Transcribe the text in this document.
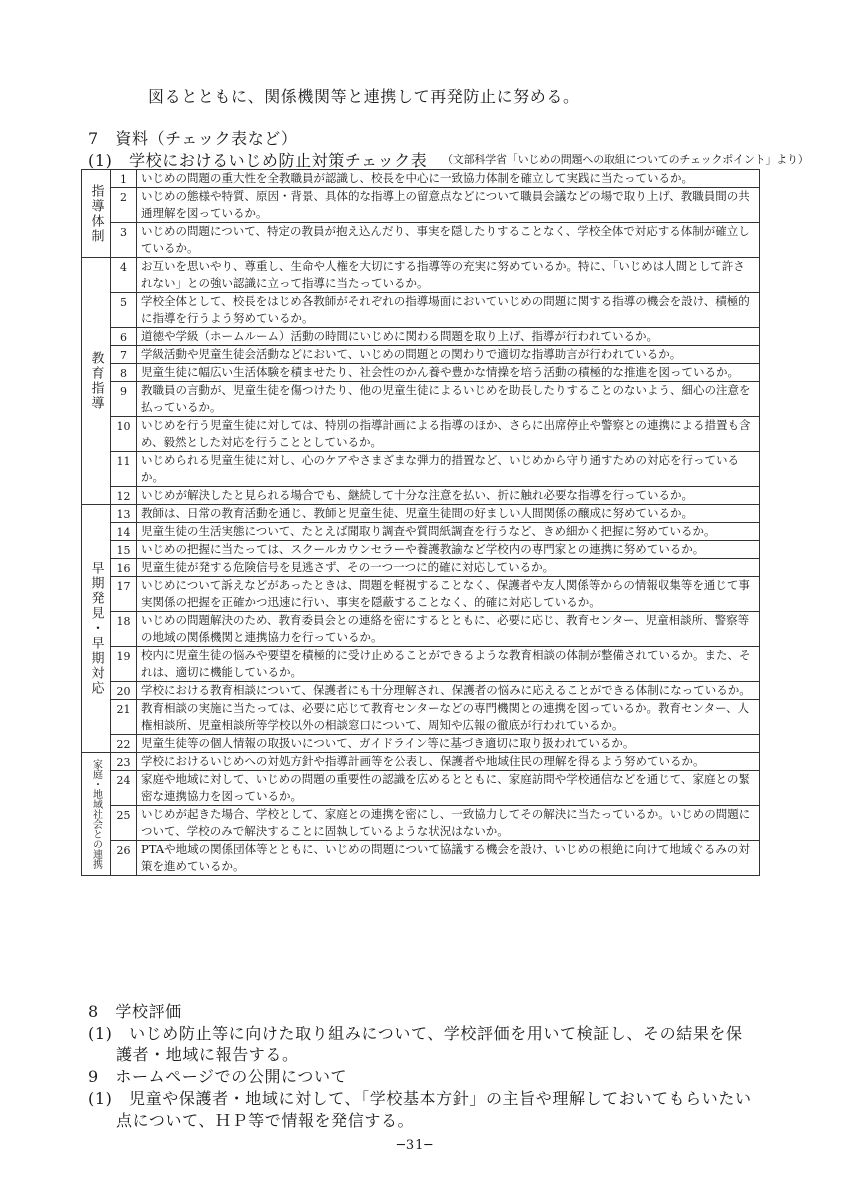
図るとともに、関係機関等と連携して再発防止に努める。
7　資料（チェック表など）
(1)　学校におけるいじめ防止対策チェック表 （文部科学省「いじめの問題への取組についてのチェックポイント」より）
指導体制	1	いじめの問題の重大性を全教職員が認識し、校長を中心に一致協力体制を確立して実践に当たっているか。
	2	いじめの態様や特質、原因・背景、具体的な指導上の留意点などについて職員会議などの場で取り上げ、教職員間の共通理解を図っているか。
	3	いじめの問題について、特定の教員が抱え込んだり、事実を隠したりすることなく、学校全体で対応する体制が確立しているか。
教育指導	4	お互いを思いやり、尊重し、生命や人権を大切にする指導等の充実に努めているか。特に、「いじめは人間として許されない」との強い認識に立って指導に当たっているか。
	5	学校全体として、校長をはじめ各教師がそれぞれの指導場面においていじめの問題に関する指導の機会を設け、積極的に指導を行うよう努めているか。
	6	道徳や学級（ホームルーム）活動の時間にいじめに関わる問題を取り上げ、指導が行われているか。
	7	学級活動や児童生徒会活動などにおいて、いじめの問題との関わりで適切な指導助言が行われているか。
	8	児童生徒に幅広い生活体験を積ませたり、社会性のかん養や豊かな情操を培う活動の積極的な推進を図っているか。
	9	教職員の言動が、児童生徒を傷つけたり、他の児童生徒によるいじめを助長したりすることのないよう、細心の注意を払っているか。
	10	いじめを行う児童生徒に対しては、特別の指導計画による指導のほか、さらに出席停止や警察との連携による措置も含め、毅然とした対応を行うこととしているか。
	11	いじめられる児童生徒に対し、心のケアやさまざまな弾力的措置など、いじめから守り通すための対応を行っているか。
	12	いじめが解決したと見られる場合でも、継続して十分な注意を払い、折に触れ必要な指導を行っているか。
早期発見・早期対応	13	教師は、日常の教育活動を通じ、教師と児童生徒、児童生徒間の好ましい人間関係の醸成に努めているか。
	14	児童生徒の生活実態について、たとえば聞取り調査や質問紙調査を行うなど、きめ細かく把握に努めているか。
	15	いじめの把握に当たっては、スクールカウンセラーや養護教諭など学校内の専門家との連携に努めているか。
	16	児童生徒が発する危険信号を見逃さず、その一つ一つに的確に対応しているか。
	17	いじめについて訴えなどがあったときは、問題を軽視することなく、保護者や友人関係等からの情報収集等を通じて事実関係の把握を正確かつ迅速に行い、事実を隠蔽することなく、的確に対応しているか。
	18	いじめの問題解決のため、教育委員会との連絡を密にするとともに、必要に応じ、教育センター、児童相談所、警察等の地域の関係機関と連携協力を行っているか。
	19	校内に児童生徒の悩みや要望を積極的に受け止めることができるような教育相談の体制が整備されているか。また、それは、適切に機能しているか。
	20	学校における教育相談について、保護者にも十分理解され、保護者の悩みに応えることができる体制になっているか。
	21	教育相談の実施に当たっては、必要に応じて教育センターなどの専門機関との連携を図っているか。教育センター、人権相談所、児童相談所等学校以外の相談窓口について、周知や広報の徹底が行われているか。
	22	児童生徒等の個人情報の取扱いについて、ガイドライン等に基づき適切に取り扱われているか。
家庭・地域社会との連携	23	学校におけるいじめへの対処方針や指導計画等を公表し、保護者や地域住民の理解を得るよう努めているか。
	24	家庭や地域に対して、いじめの問題の重要性の認識を広めるとともに、家庭訪問や学校通信などを通じて、家庭との緊密な連携協力を図っているか。
	25	いじめが起きた場合、学校として、家庭との連携を密にし、一致協力してその解決に当たっているか。いじめの問題について、学校のみで解決することに固執しているような状況はないか。
	26	PTAや地域の関係団体等とともに、いじめの問題について協議する機会を設け、いじめの根絶に向けて地域ぐるみの対策を進めているか。
8　学校評価
(1)　いじめ防止等に向けた取り組みについて、学校評価を用いて検証し、その結果を保
護者・地域に報告する。
9　ホームページでの公開について
(1)　児童や保護者・地域に対して、「学校基本方針」の主旨や理解しておいてもらいたい
点について、ＨＰ等で情報を発信する。
─31─
